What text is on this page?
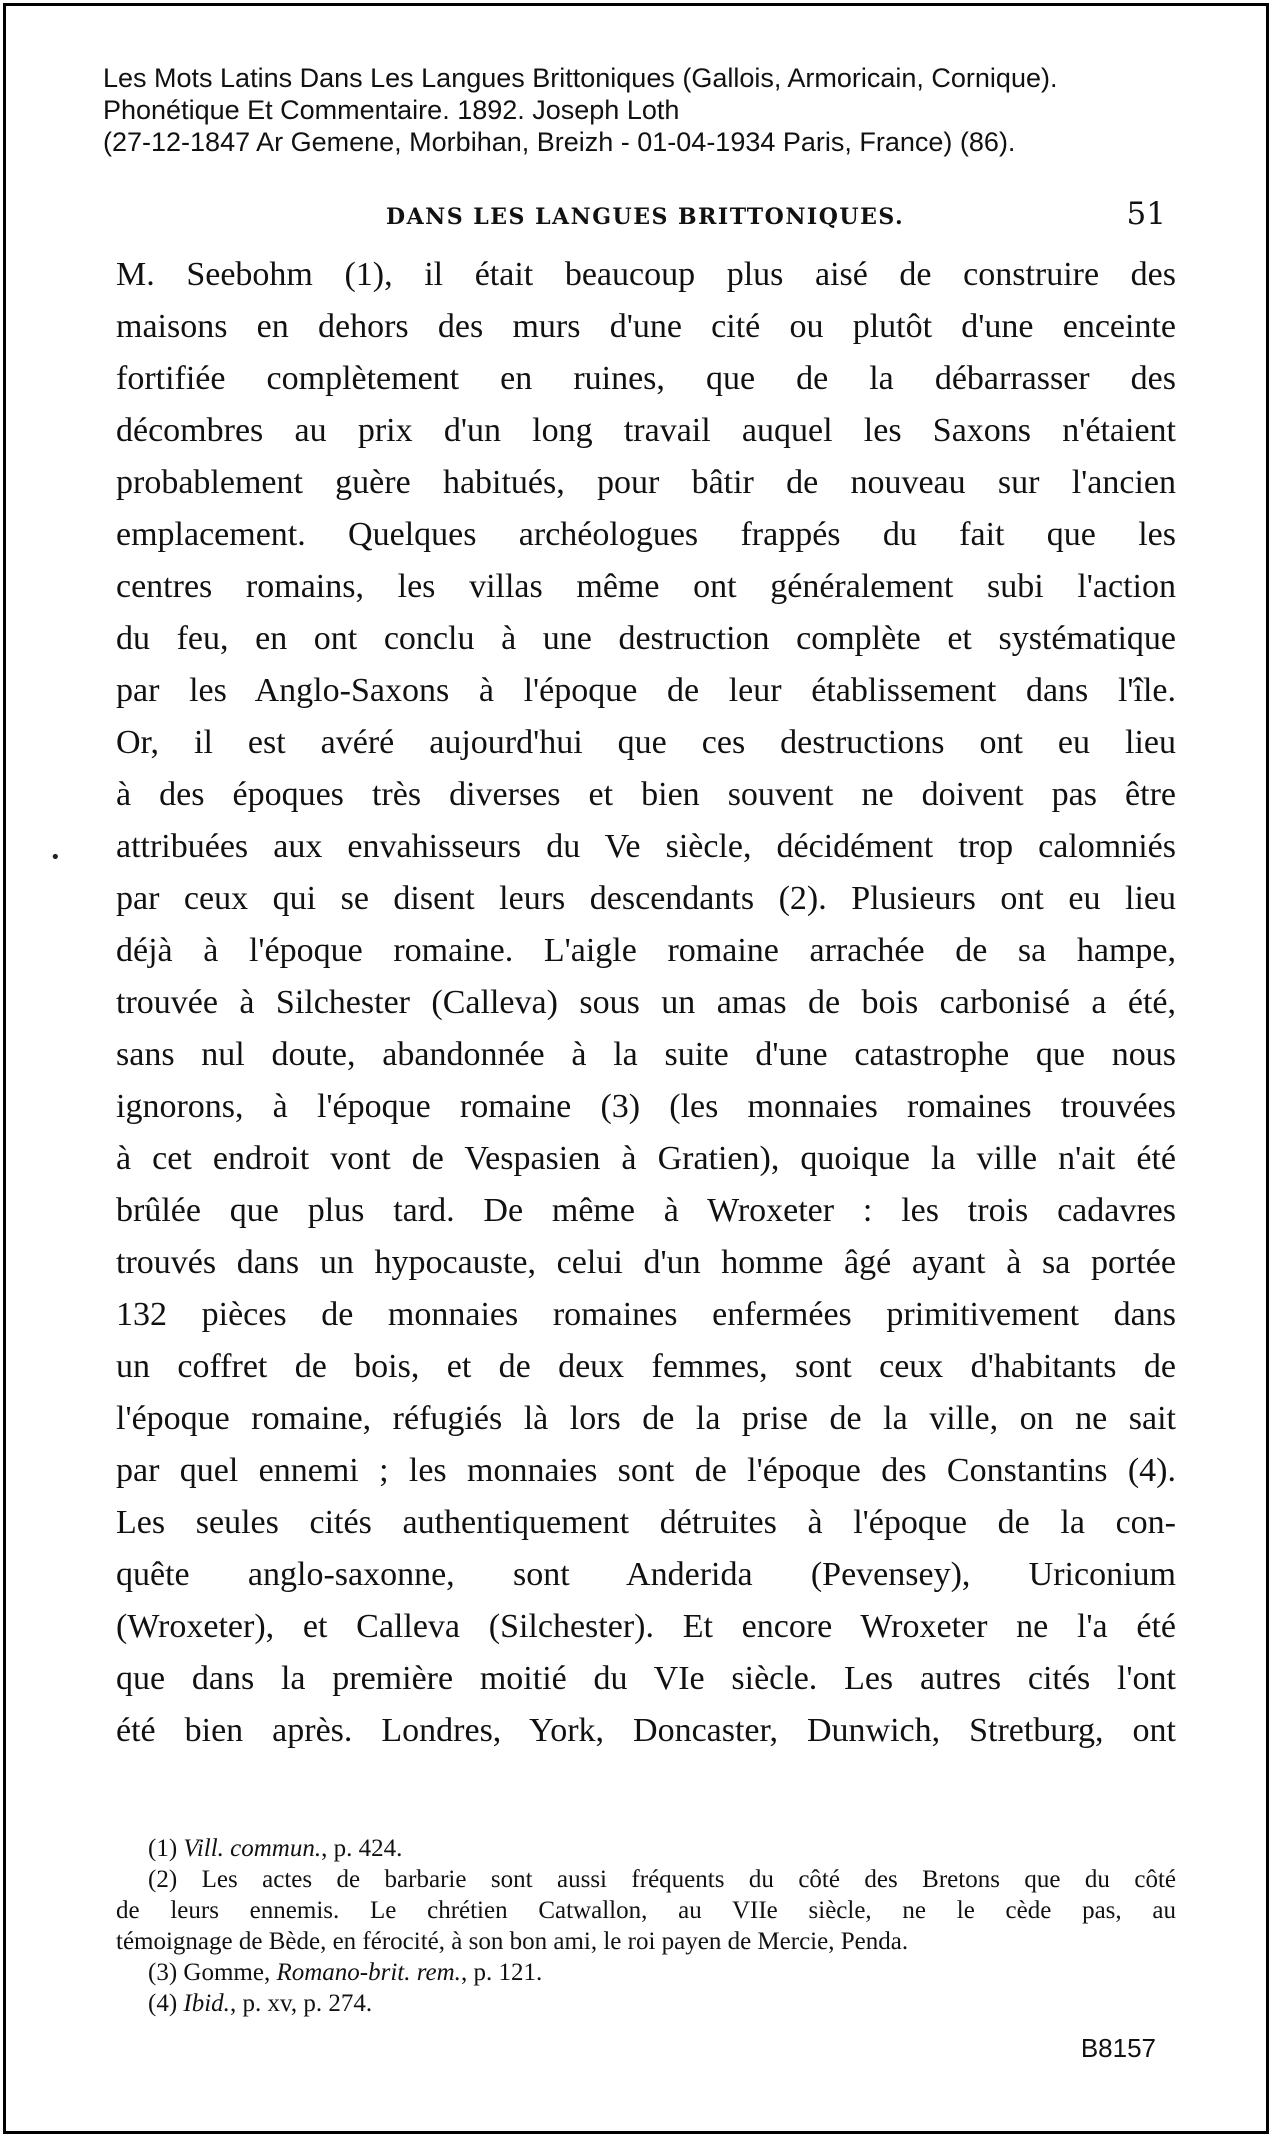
Les Mots Latins Dans Les Langues Brittoniques (Gallois, Armoricain, Cornique).
Phonétique Et Commentaire. 1892. Joseph Loth
(27-12-1847 Ar Gemene, Morbihan, Breizh - 01-04-1934 Paris, France) (86).
DANS LES LANGUES BRITTONIQUES.	51
•
M. Seebohm (1), il était beaucoup plus aisé de construire des
maisons en dehors des murs d'une cité ou plutôt d'une enceinte
fortifiée complètement en ruines, que de la débarrasser des
décombres au prix d'un long travail auquel les Saxons n'étaient
probablement guère habitués, pour bâtir de nouveau sur l'ancien
emplacement. Quelques archéologues frappés du fait que les
centres romains, les villas même ont généralement subi l'action
du feu, en ont conclu à une destruction complète et systématique
par les Anglo-Saxons à l'époque de leur établissement dans l'île.
Or, il est avéré aujourd'hui que ces destructions ont eu lieu
à des époques très diverses et bien souvent ne doivent pas être
attribuées aux envahisseurs du Ve siècle, décidément trop calomniés
par ceux qui se disent leurs descendants (2). Plusieurs ont eu lieu
déjà à l'époque romaine. L'aigle romaine arrachée de sa hampe,
trouvée à Silchester (Calleva) sous un amas de bois carbonisé a été,
sans nul doute, abandonnée à la suite d'une catastrophe que nous
ignorons, à l'époque romaine (3) (les monnaies romaines trouvées
à cet endroit vont de Vespasien à Gratien), quoique la ville n'ait été
brûlée que plus tard. De même à Wroxeter : les trois cadavres
trouvés dans un hypocauste, celui d'un homme âgé ayant à sa portée
132 pièces de monnaies romaines enfermées primitivement dans
un coffret de bois, et de deux femmes, sont ceux d'habitants de
l'époque romaine, réfugiés là lors de la prise de la ville, on ne sait
par quel ennemi ; les monnaies sont de l'époque des Constantins (4).
Les seules cités authentiquement détruites à l'époque de la con-
quête anglo-saxonne, sont Anderida (Pevensey), Uriconium
(Wroxeter), et Calleva (Silchester). Et encore Wroxeter ne l'a été
que dans la première moitié du VIe siècle. Les autres cités l'ont
été bien après. Londres, York, Doncaster, Dunwich, Stretburg, ont
(1) Vill. commun., p. 424.
(2) Les actes de barbarie sont aussi fréquents du côté des Bretons que du côté
de leurs ennemis. Le chrétien Catwallon, au VIIe siècle, ne le cède pas, au
témoignage de Bède, en férocité, à son bon ami, le roi payen de Mercie, Penda.
(3) Gomme, Romano-brit. rem., p. 121.
(4) Ibid., p. xv, p. 274.
B8157
